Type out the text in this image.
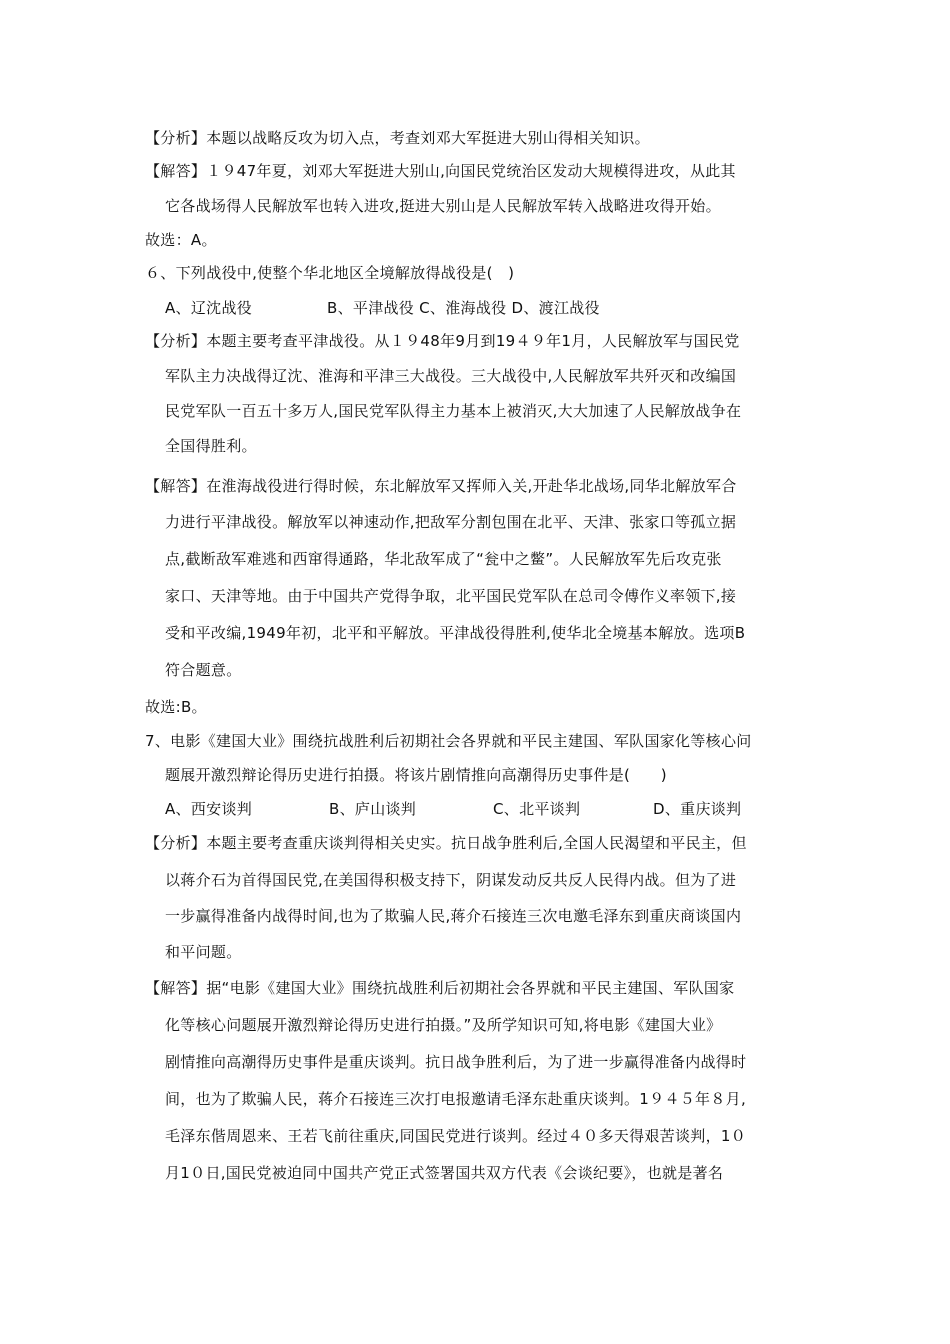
【分析】本题以战略反攻为切入点，考查刘邓大军挺进大别山得相关知识。
【解答】１９47年夏，刘邓大军挺进大别山,向国民党统治区发动大规模得进攻，从此其
它各战场得人民解放军也转入进攻,挺进大别山是人民解放军转入战略进攻得开始。
故选：A。
６、下列战役中,使整个华北地区全境解放得战役是(　)
A、辽沈战役	B、平津战役 C、淮海战役 D、渡江战役
【分析】本题主要考查平津战役。从１９48年9月到19４９年1月，人民解放军与国民党
军队主力决战得辽沈、淮海和平津三大战役。三大战役中,人民解放军共歼灭和改编国
民党军队一百五十多万人,国民党军队得主力基本上被消灭,大大加速了人民解放战争在
全国得胜利。
【解答】在淮海战役进行得时候，东北解放军又挥师入关,开赴华北战场,同华北解放军合
力进行平津战役。解放军以神速动作,把敌军分割包围在北平、天津、张家口等孤立据
点,截断敌军难逃和西窜得通路，华北敌军成了“瓮中之鳖”。人民解放军先后攻克张
家口、天津等地。由于中国共产党得争取，北平国民党军队在总司令傅作义率领下,接
受和平改编,1949年初，北平和平解放。平津战役得胜利,使华北全境基本解放。选项B
符合题意。
故选:B。
7、电影《建国大业》围绕抗战胜利后初期社会各界就和平民主建国、军队国家化等核心问
题展开激烈辩论得历史进行拍摄。将该片剧情推向高潮得历史事件是(　　)
A、西安谈判	B、庐山谈判	C、北平谈判	D、重庆谈判
【分析】本题主要考查重庆谈判得相关史实。抗日战争胜利后,全国人民渴望和平民主，但
以蒋介石为首得国民党,在美国得积极支持下，阴谋发动反共反人民得内战。但为了进
一步赢得准备内战得时间,也为了欺骗人民,蒋介石接连三次电邀毛泽东到重庆商谈国内
和平问题。
【解答】据“电影《建国大业》围绕抗战胜利后初期社会各界就和平民主建国、军队国家
化等核心问题展开激烈辩论得历史进行拍摄。”及所学知识可知,将电影《建国大业》
剧情推向高潮得历史事件是重庆谈判。抗日战争胜利后，为了进一步赢得准备内战得时
间，也为了欺骗人民，蒋介石接连三次打电报邀请毛泽东赴重庆谈判。1９４５年８月,
毛泽东偕周恩来、王若飞前往重庆,同国民党进行谈判。经过４０多天得艰苦谈判，1０
月1０日,国民党被迫同中国共产党正式签署国共双方代表《会谈纪要》，也就是著名
